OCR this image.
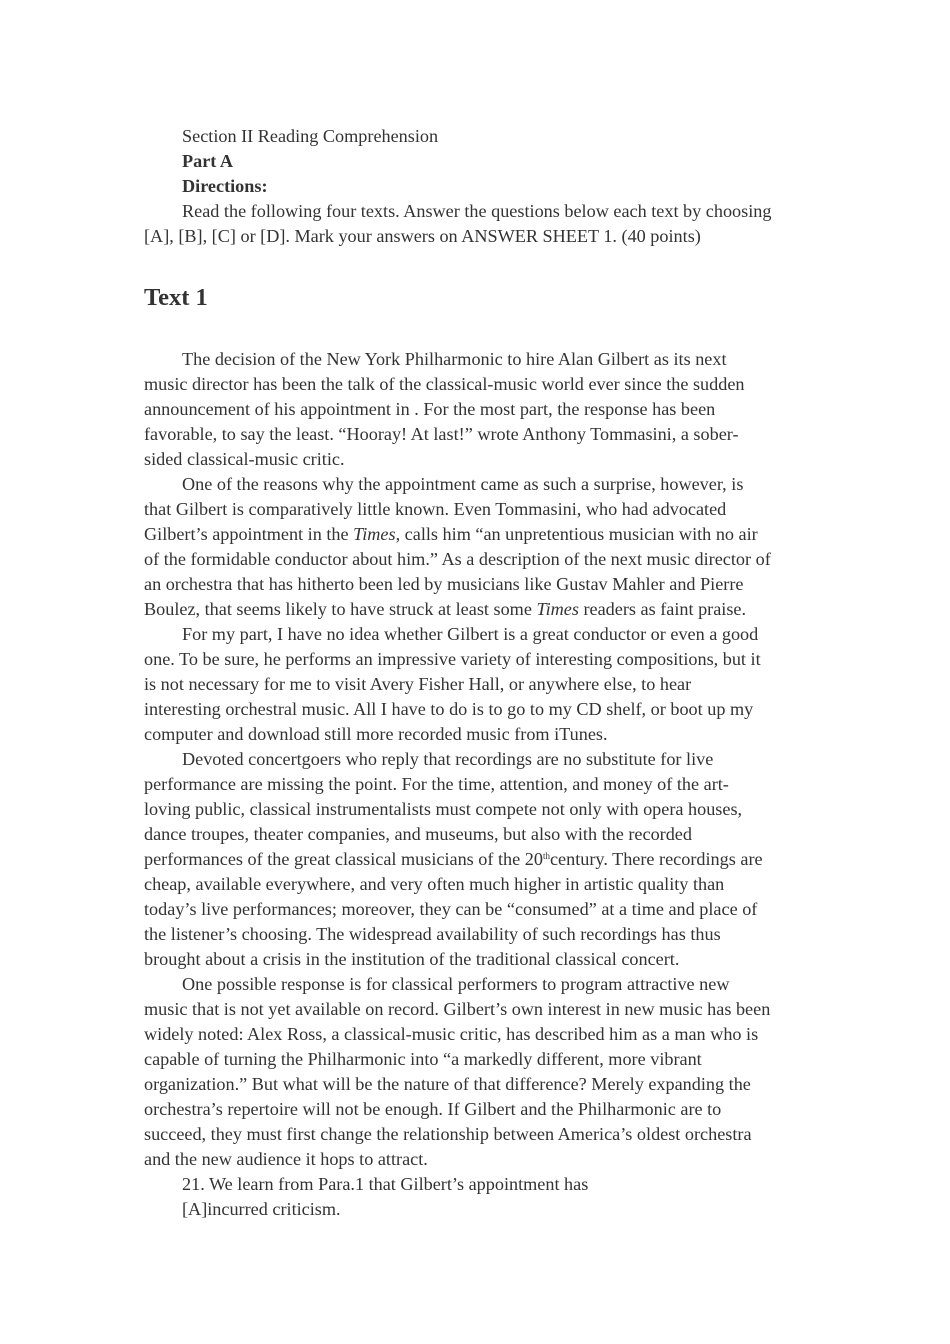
Section II Reading Comprehension
Part A
Directions:
Read the following four texts. Answer the questions below each text by choosing
[A], [B], [C] or [D]. Mark your answers on ANSWER SHEET 1. (40 points)
Text 1
The decision of the New York Philharmonic to hire Alan Gilbert as its next
music director has been the talk of the classical-music world ever since the sudden
announcement of his appointment in . For the most part, the response has been
favorable, to say the least. “Hooray! At last!” wrote Anthony Tommasini, a sober-
sided classical-music critic.
One of the reasons why the appointment came as such a surprise, however, is
that Gilbert is comparatively little known. Even Tommasini, who had advocated
Gilbert’s appointment in the Times, calls him “an unpretentious musician with no air
of the formidable conductor about him.” As a description of the next music director of
an orchestra that has hitherto been led by musicians like Gustav Mahler and Pierre
Boulez, that seems likely to have struck at least some Times readers as faint praise.
For my part, I have no idea whether Gilbert is a great conductor or even a good
one. To be sure, he performs an impressive variety of interesting compositions, but it
is not necessary for me to visit Avery Fisher Hall, or anywhere else, to hear
interesting orchestral music. All I have to do is to go to my CD shelf, or boot up my
computer and download still more recorded music from iTunes.
Devoted concertgoers who reply that recordings are no substitute for live
performance are missing the point. For the time, attention, and money of the art-
loving public, classical instrumentalists must compete not only with opera houses,
dance troupes, theater companies, and museums, but also with the recorded
performances of the great classical musicians of the 20thcentury. There recordings are
cheap, available everywhere, and very often much higher in artistic quality than
today’s live performances; moreover, they can be “consumed” at a time and place of
the listener’s choosing. The widespread availability of such recordings has thus
brought about a crisis in the institution of the traditional classical concert.
One possible response is for classical performers to program attractive new
music that is not yet available on record. Gilbert’s own interest in new music has been
widely noted: Alex Ross, a classical-music critic, has described him as a man who is
capable of turning the Philharmonic into “a markedly different, more vibrant
organization.” But what will be the nature of that difference? Merely expanding the
orchestra’s repertoire will not be enough. If Gilbert and the Philharmonic are to
succeed, they must first change the relationship between America’s oldest orchestra
and the new audience it hops to attract.
21. We learn from Para.1 that Gilbert’s appointment has
[A]incurred criticism.
